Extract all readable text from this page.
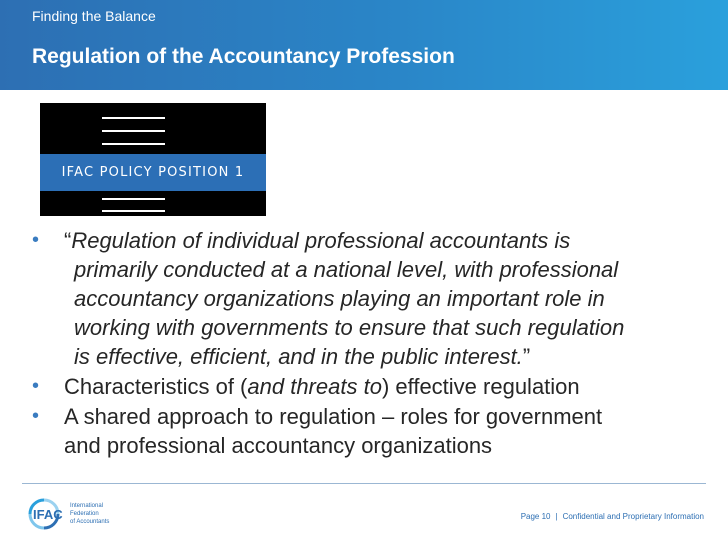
Finding the Balance
Regulation of the Accountancy Profession
IFAC POLICY POSITION 1
• “Regulation of individual professional accountants is
primarily conducted at a national level, with professional
accountancy organizations playing an important role in
working with governments to ensure that such regulation
is effective, efficient, and in the public interest.”
• Characteristics of (and threats to) effective regulation
• A shared approach to regulation – roles for government
and professional accountancy organizations
IFAC
International
Federation
of Accountants
Page 10 | Confidential and Proprietary Information
